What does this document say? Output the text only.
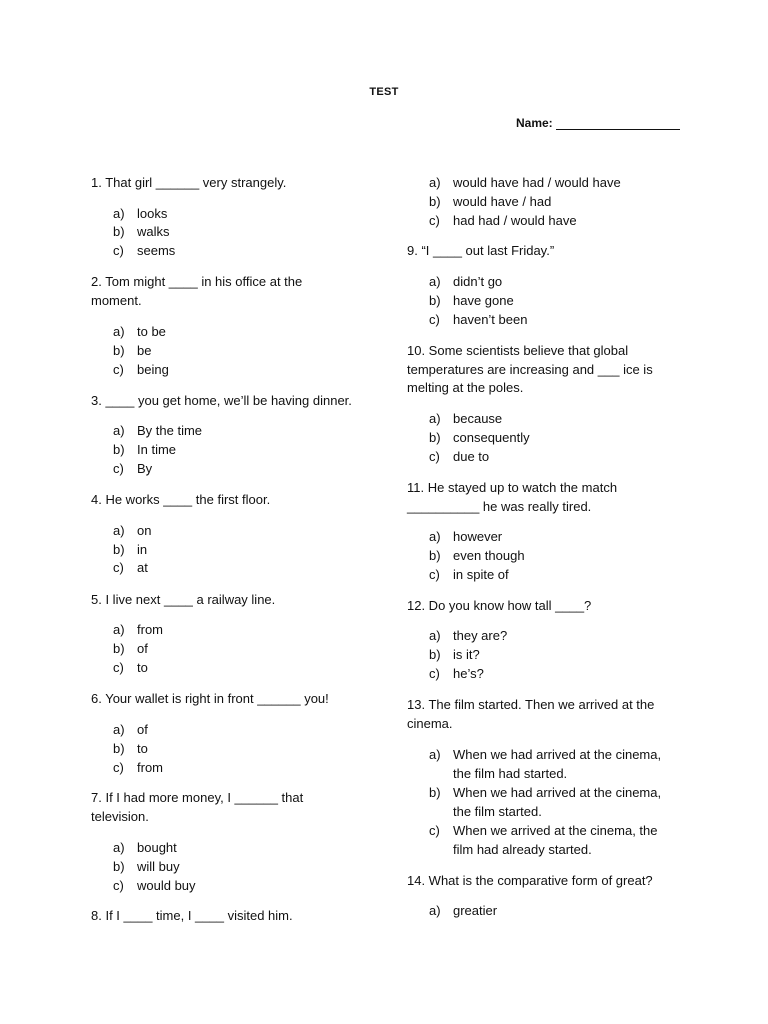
TEST
Name:
1. That girl ______ very strangely.
a) looks
b) walks
c) seems
2. Tom might ____ in his office at the moment.
a) to be
b) be
c) being
3. ____ you get home, we’ll be having dinner.
a) By the time
b) In time
c) By
4. He works ____ the first floor.
a) on
b) in
c) at
5. I live next ____ a railway line.
a) from
b) of
c) to
6. Your wallet is right in front ______ you!
a) of
b) to
c) from
7. If I had more money, I ______ that television.
a) bought
b) will buy
c) would buy
8. If I ____ time, I ____ visited him.
a) would have had / would have
b) would have / had
c) had had / would have
9. “I ____ out last Friday.”
a) didn’t go
b) have gone
c) haven’t been
10. Some scientists believe that global temperatures are increasing and ___ ice is melting at the poles.
a) because
b) consequently
c) due to
11. He stayed up to watch the match __________ he was really tired.
a) however
b) even though
c) in spite of
12. Do you know how tall ____?
a) they are?
b) is it?
c) he’s?
13. The film started. Then we arrived at the cinema.
a) When we had arrived at the cinema, the film had started.
b) When we had arrived at the cinema, the film started.
c) When we arrived at the cinema, the film had already started.
14. What is the comparative form of great?
a) greatier
